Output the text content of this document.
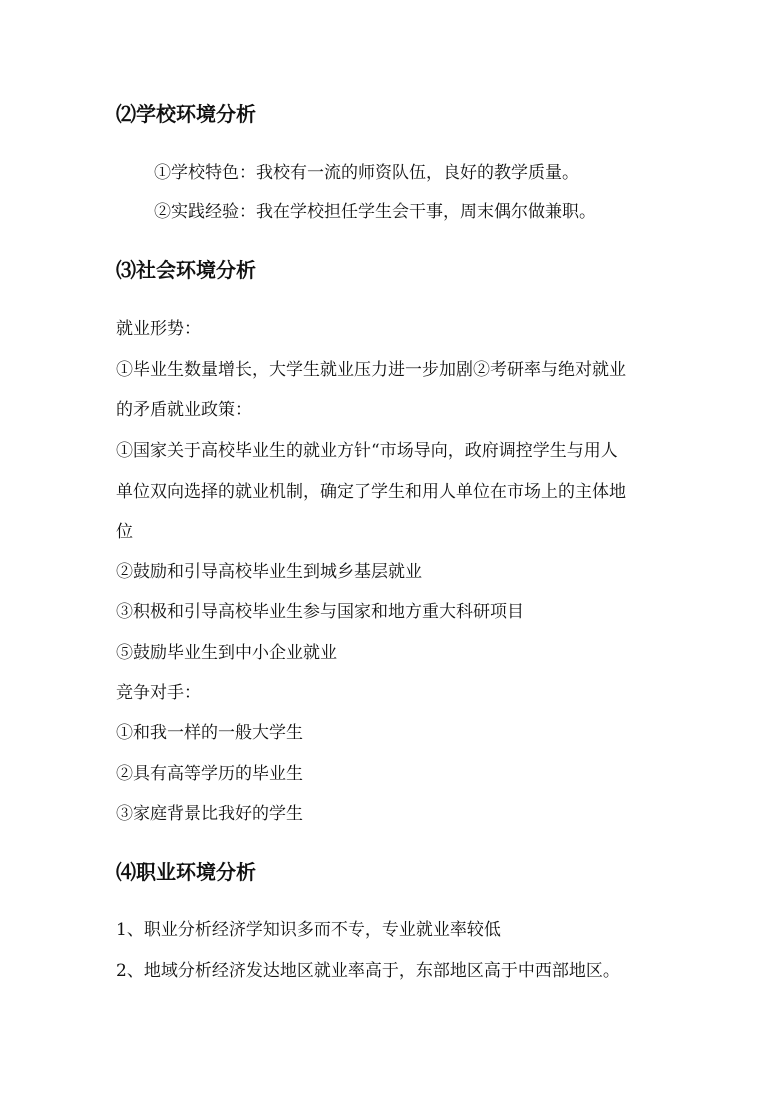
⑵学校环境分析
①学校特色：我校有一流的师资队伍，良好的教学质量。
②实践经验：我在学校担任学生会干事，周末偶尔做兼职。
⑶社会环境分析
就业形势：
①毕业生数量增长，大学生就业压力进一步加剧②考研率与绝对就业
的矛盾就业政策：
①国家关于高校毕业生的就业方针“市场导向，政府调控学生与用人
单位双向选择的就业机制，确定了学生和用人单位在市场上的主体地
位
②鼓励和引导高校毕业生到城乡基层就业
③积极和引导高校毕业生参与国家和地方重大科研项目
⑤鼓励毕业生到中小企业就业
竞争对手：
①和我一样的一般大学生
②具有高等学历的毕业生
③家庭背景比我好的学生
⑷职业环境分析
1、职业分析经济学知识多而不专，专业就业率较低
2、地域分析经济发达地区就业率高于，东部地区高于中西部地区。
